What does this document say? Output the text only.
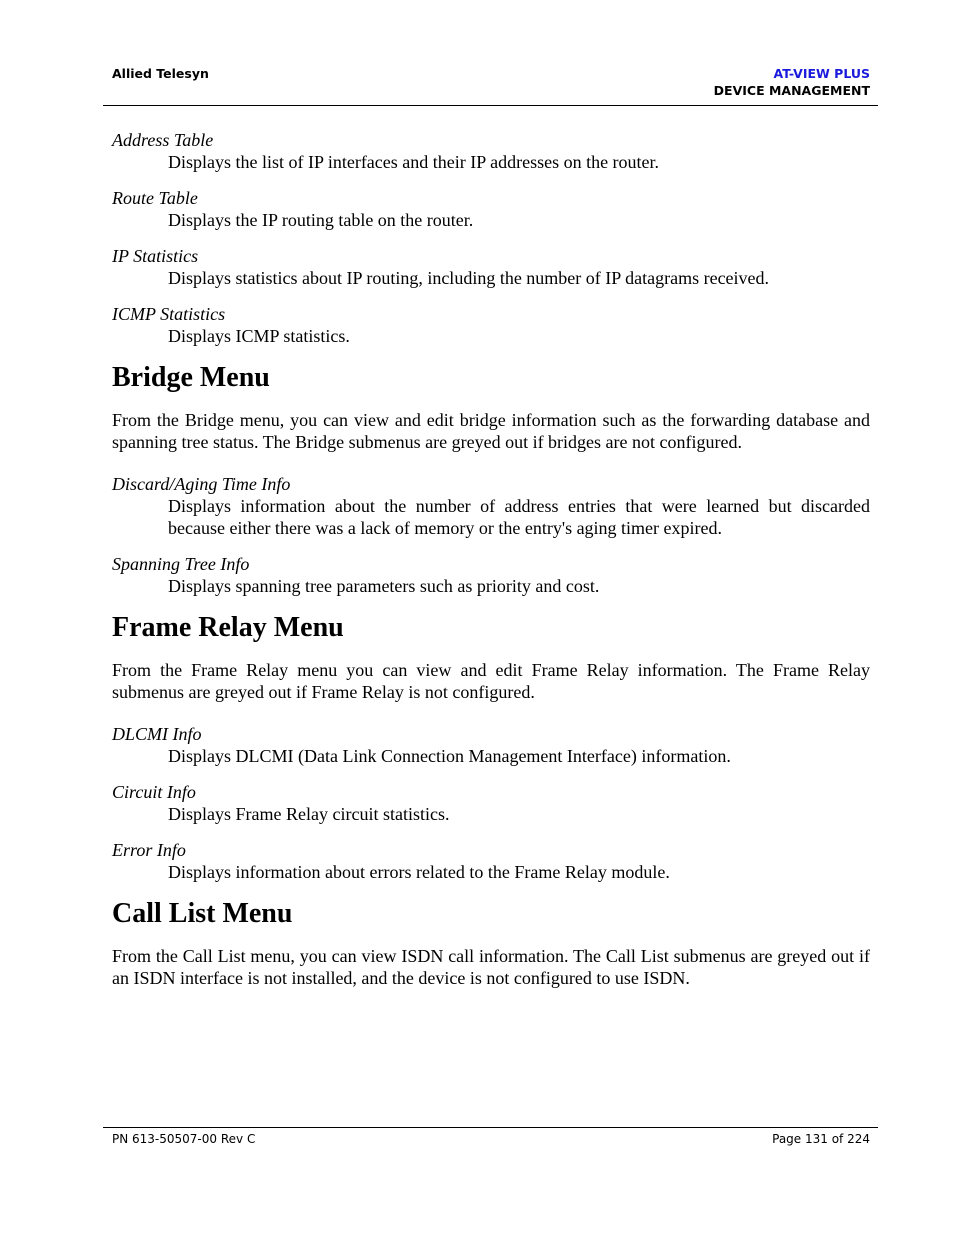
Allied Telesyn	AT-VIEW PLUS
DEVICE MANAGEMENT

Address Table

Displays the list of IP interfaces and their IP addresses on the router.

Route Table

Displays the IP routing table on the router.

IP Statistics

Displays statistics about IP routing, including the number of IP datagrams received.

ICMP Statistics

Displays ICMP statistics.

Bridge Menu

From the Bridge menu, you can view and edit bridge information such as the forwarding database and spanning tree status. The Bridge submenus are greyed out if bridges are not configured.

Discard/Aging Time Info

Displays information about the number of address entries that were learned but discarded because either there was a lack of memory or the entry's aging timer expired.

Spanning Tree Info

Displays spanning tree parameters such as priority and cost.

Frame Relay Menu

From the Frame Relay menu you can view and edit Frame Relay information. The Frame Relay submenus are greyed out if Frame Relay is not configured.

DLCMI Info

Displays DLCMI (Data Link Connection Management Interface) information.

Circuit Info

Displays Frame Relay circuit statistics.

Error Info

Displays information about errors related to the Frame Relay module.

Call List Menu

From the Call List menu, you can view ISDN call information. The Call List submenus are greyed out if an ISDN interface is not installed, and the device is not configured to use ISDN.

PN 613-50507-00 Rev C	Page 131 of 224
